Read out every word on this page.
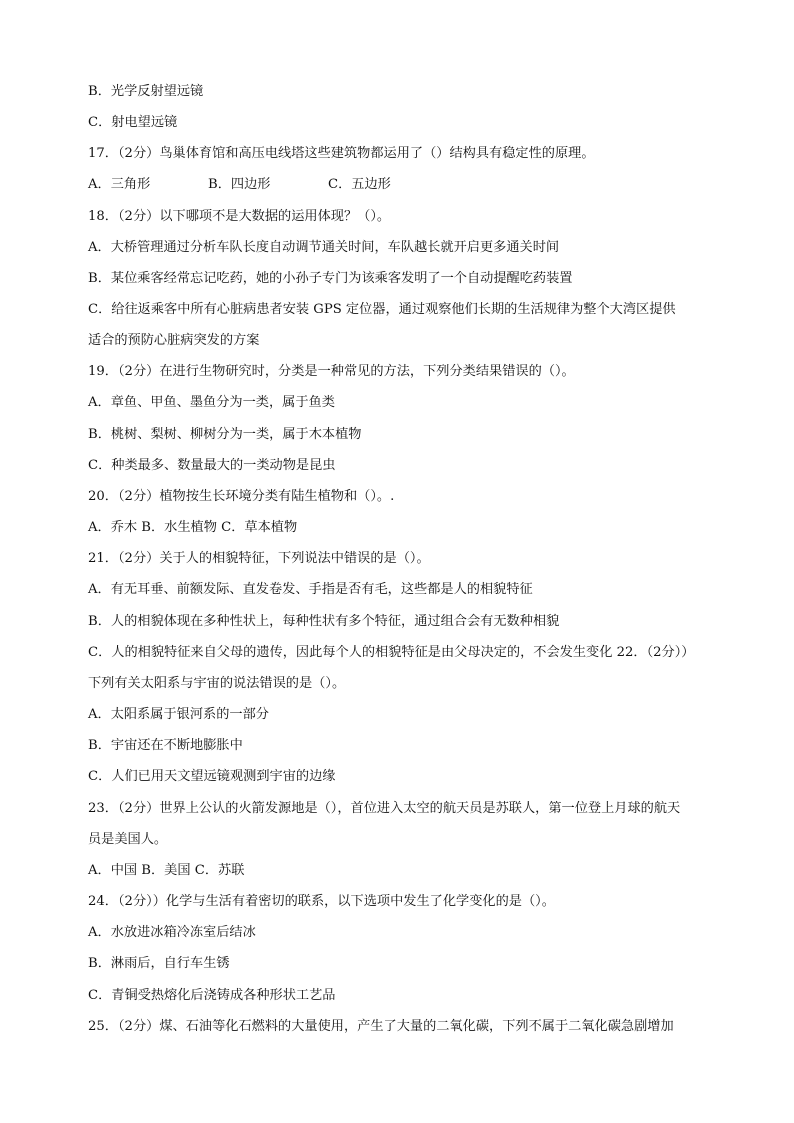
B．光学反射望远镜
C．射电望远镜
17．（2分）鸟巢体育馆和高压电线塔这些建筑物都运用了（）结构具有稳定性的原理。
A．三角形	B．四边形	C．五边形
18．（2分）以下哪项不是大数据的运用体现？（）。
A．大桥管理通过分析车队长度自动调节通关时间，车队越长就开启更多通关时间
B．某位乘客经常忘记吃药，她的小孙子专门为该乘客发明了一个自动提醒吃药装置
C．给往返乘客中所有心脏病患者安装 GPS 定位器，通过观察他们长期的生活规律为整个大湾区提供
适合的预防心脏病突发的方案
19．（2分）在进行生物研究时，分类是一种常见的方法，下列分类结果错误的（）。
A．章鱼、甲鱼、墨鱼分为一类，属于鱼类
B．桃树、梨树、柳树分为一类，属于木本植物
C．种类最多、数量最大的一类动物是昆虫
20．（2分）植物按生长环境分类有陆生植物和（）。.
A．乔木 B．水生植物 C．草本植物
21．（2分）关于人的相貌特征，下列说法中错误的是（）。
A．有无耳垂、前额发际、直发卷发、手指是否有毛，这些都是人的相貌特征
B．人的相貌体现在多种性状上，每种性状有多个特征，通过组合会有无数种相貌
C．人的相貌特征来自父母的遗传，因此每个人的相貌特征是由父母决定的，不会发生变化 22．（2分））
下列有关太阳系与宇宙的说法错误的是（）。
A．太阳系属于银河系的一部分
B．宇宙还在不断地膨胀中
C．人们已用天文望远镜观测到宇宙的边缘
23．（2分）世界上公认的火箭发源地是（），首位进入太空的航天员是苏联人，第一位登上月球的航天
员是美国人。
A．中国 B．美国 C．苏联
24．（2分））化学与生活有着密切的联系，以下选项中发生了化学变化的是（）。
A．水放进冰箱冷冻室后结冰
B．淋雨后，自行车生锈
C．青铜受热熔化后浇铸成各种形状工艺品
25．（2分）煤、石油等化石燃料的大量使用，产生了大量的二氧化碳，下列不属于二氧化碳急剧增加
